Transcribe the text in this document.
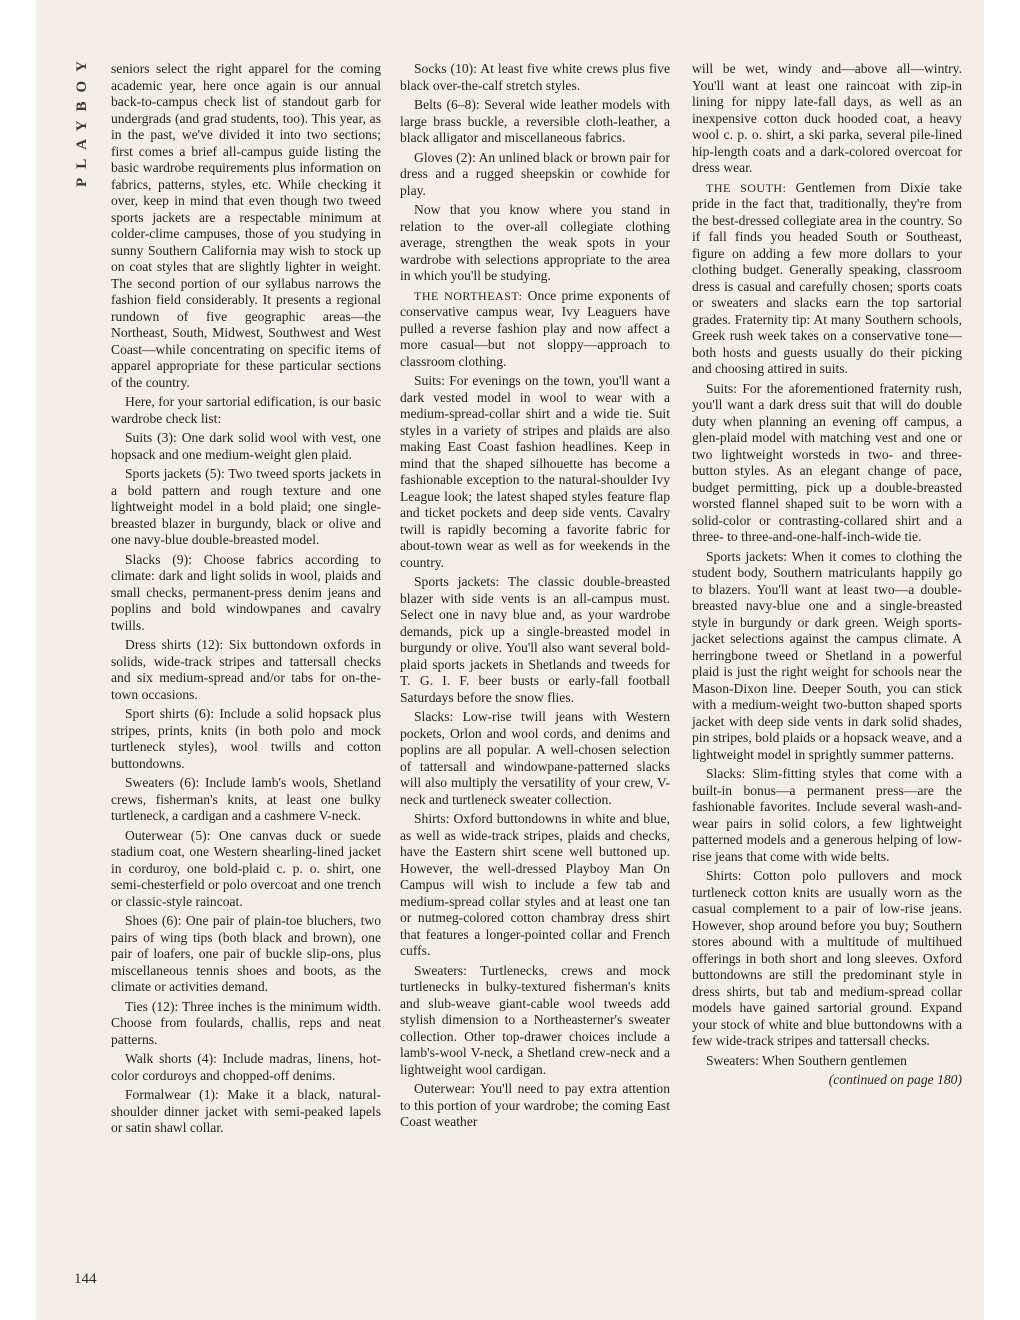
PLAYBOY
144

seniors select the right apparel for the coming academic year, here once again is our annual back-to-campus check list of standout garb for undergrads (and grad students, too). This year, as in the past, we've divided it into two sections; first comes a brief all-campus guide listing the basic wardrobe requirements plus information on fabrics, patterns, styles, etc. While checking it over, keep in mind that even though two tweed sports jackets are a respectable minimum at colder-clime campuses, those of you studying in sunny Southern California may wish to stock up on coat styles that are slightly lighter in weight. The second portion of our syllabus narrows the fashion field considerably. It presents a regional rundown of five geographic areas—the Northeast, South, Midwest, Southwest and West Coast—while concentrating on specific items of apparel appropriate for these particular sections of the country.

Here, for your sartorial edification, is our basic wardrobe check list:

Suits (3): One dark solid wool with vest, one hopsack and one medium-weight glen plaid.

Sports jackets (5): Two tweed sports jackets in a bold pattern and rough texture and one lightweight model in a bold plaid; one single-breasted blazer in burgundy, black or olive and one navy-blue double-breasted model.

Slacks (9): Choose fabrics according to climate: dark and light solids in wool, plaids and small checks, permanent-press denim jeans and poplins and bold windowpanes and cavalry twills.

Dress shirts (12): Six buttondown oxfords in solids, wide-track stripes and tattersall checks and six medium-spread and/or tabs for on-the-town occasions.

Sport shirts (6): Include a solid hopsack plus stripes, prints, knits (in both polo and mock turtleneck styles), wool twills and cotton buttondowns.

Sweaters (6): Include lamb's wools, Shetland crews, fisherman's knits, at least one bulky turtleneck, a cardigan and a cashmere V-neck.

Outerwear (5): One canvas duck or suede stadium coat, one Western shearling-lined jacket in corduroy, one bold-plaid c. p. o. shirt, one semi-chesterfield or polo overcoat and one trench or classic-style raincoat.

Shoes (6): One pair of plain-toe bluchers, two pairs of wing tips (both black and brown), one pair of loafers, one pair of buckle slip-ons, plus miscellaneous tennis shoes and boots, as the climate or activities demand.

Ties (12): Three inches is the minimum width. Choose from foulards, challis, reps and neat patterns.

Walk shorts (4): Include madras, linens, hot-color corduroys and chopped-off denims.

Formalwear (1): Make it a black, natural-shoulder dinner jacket with semi-peaked lapels or satin shawl collar.

Socks (10): At least five white crews plus five black over-the-calf stretch styles.

Belts (6–8): Several wide leather models with large brass buckle, a reversible cloth-leather, a black alligator and miscellaneous fabrics.

Gloves (2): An unlined black or brown pair for dress and a rugged sheepskin or cowhide for play.

Now that you know where you stand in relation to the over-all collegiate clothing average, strengthen the weak spots in your wardrobe with selections appropriate to the area in which you'll be studying.

THE NORTHEAST: Once prime exponents of conservative campus wear, Ivy Leaguers have pulled a reverse fashion play and now affect a more casual—but not sloppy—approach to classroom clothing.

Suits: For evenings on the town, you'll want a dark vested model in wool to wear with a medium-spread-collar shirt and a wide tie. Suit styles in a variety of stripes and plaids are also making East Coast fashion headlines. Keep in mind that the shaped silhouette has become a fashionable exception to the natural-shoulder Ivy League look; the latest shaped styles feature flap and ticket pockets and deep side vents. Cavalry twill is rapidly becoming a favorite fabric for about-town wear as well as for weekends in the country.

Sports jackets: The classic double-breasted blazer with side vents is an all-campus must. Select one in navy blue and, as your wardrobe demands, pick up a single-breasted model in burgundy or olive. You'll also want several bold-plaid sports jackets in Shetlands and tweeds for T. G. I. F. beer busts or early-fall football Saturdays before the snow flies.

Slacks: Low-rise twill jeans with Western pockets, Orlon and wool cords, and denims and poplins are all popular. A well-chosen selection of tattersall and windowpane-patterned slacks will also multiply the versatility of your crew, V-neck and turtleneck sweater collection.

Shirts: Oxford buttondowns in white and blue, as well as wide-track stripes, plaids and checks, have the Eastern shirt scene well buttoned up. However, the well-dressed Playboy Man On Campus will wish to include a few tab and medium-spread collar styles and at least one tan or nutmeg-colored cotton chambray dress shirt that features a longer-pointed collar and French cuffs.

Sweaters: Turtlenecks, crews and mock turtlenecks in bulky-textured fisherman's knits and slub-weave giant-cable wool tweeds add stylish dimension to a Northeasterner's sweater collection. Other top-drawer choices include a lamb's-wool V-neck, a Shetland crew-neck and a lightweight wool cardigan.

Outerwear: You'll need to pay extra attention to this portion of your wardrobe; the coming East Coast weather

will be wet, windy and—above all—wintry. You'll want at least one raincoat with zip-in lining for nippy late-fall days, as well as an inexpensive cotton duck hooded coat, a heavy wool c. p. o. shirt, a ski parka, several pile-lined hip-length coats and a dark-colored overcoat for dress wear.

THE SOUTH: Gentlemen from Dixie take pride in the fact that, traditionally, they're from the best-dressed collegiate area in the country. So if fall finds you headed South or Southeast, figure on adding a few more dollars to your clothing budget. Generally speaking, classroom dress is casual and carefully chosen; sports coats or sweaters and slacks earn the top sartorial grades. Fraternity tip: At many Southern schools, Greek rush week takes on a conservative tone—both hosts and guests usually do their picking and choosing attired in suits.

Suits: For the aforementioned fraternity rush, you'll want a dark dress suit that will do double duty when planning an evening off campus, a glen-plaid model with matching vest and one or two lightweight worsteds in two- and three-button styles. As an elegant change of pace, budget permitting, pick up a double-breasted worsted flannel shaped suit to be worn with a solid-color or contrasting-collared shirt and a three- to three-and-one-half-inch-wide tie.

Sports jackets: When it comes to clothing the student body, Southern matriculants happily go to blazers. You'll want at least two—a double-breasted navy-blue one and a single-breasted style in burgundy or dark green. Weigh sports-jacket selections against the campus climate. A herringbone tweed or Shetland in a powerful plaid is just the right weight for schools near the Mason-Dixon line. Deeper South, you can stick with a medium-weight two-button shaped sports jacket with deep side vents in dark solid shades, pin stripes, bold plaids or a hopsack weave, and a lightweight model in sprightly summer patterns.

Slacks: Slim-fitting styles that come with a built-in bonus—a permanent press—are the fashionable favorites. Include several wash-and-wear pairs in solid colors, a few lightweight patterned models and a generous helping of low-rise jeans that come with wide belts.

Shirts: Cotton polo pullovers and mock turtleneck cotton knits are usually worn as the casual complement to a pair of low-rise jeans. However, shop around before you buy; Southern stores abound with a multitude of multihued offerings in both short and long sleeves. Oxford buttondowns are still the predominant style in dress shirts, but tab and medium-spread collar models have gained sartorial ground. Expand your stock of white and blue buttondowns with a few wide-track stripes and tattersall checks.

Sweaters: When Southern gentlemen

(continued on page 180)
